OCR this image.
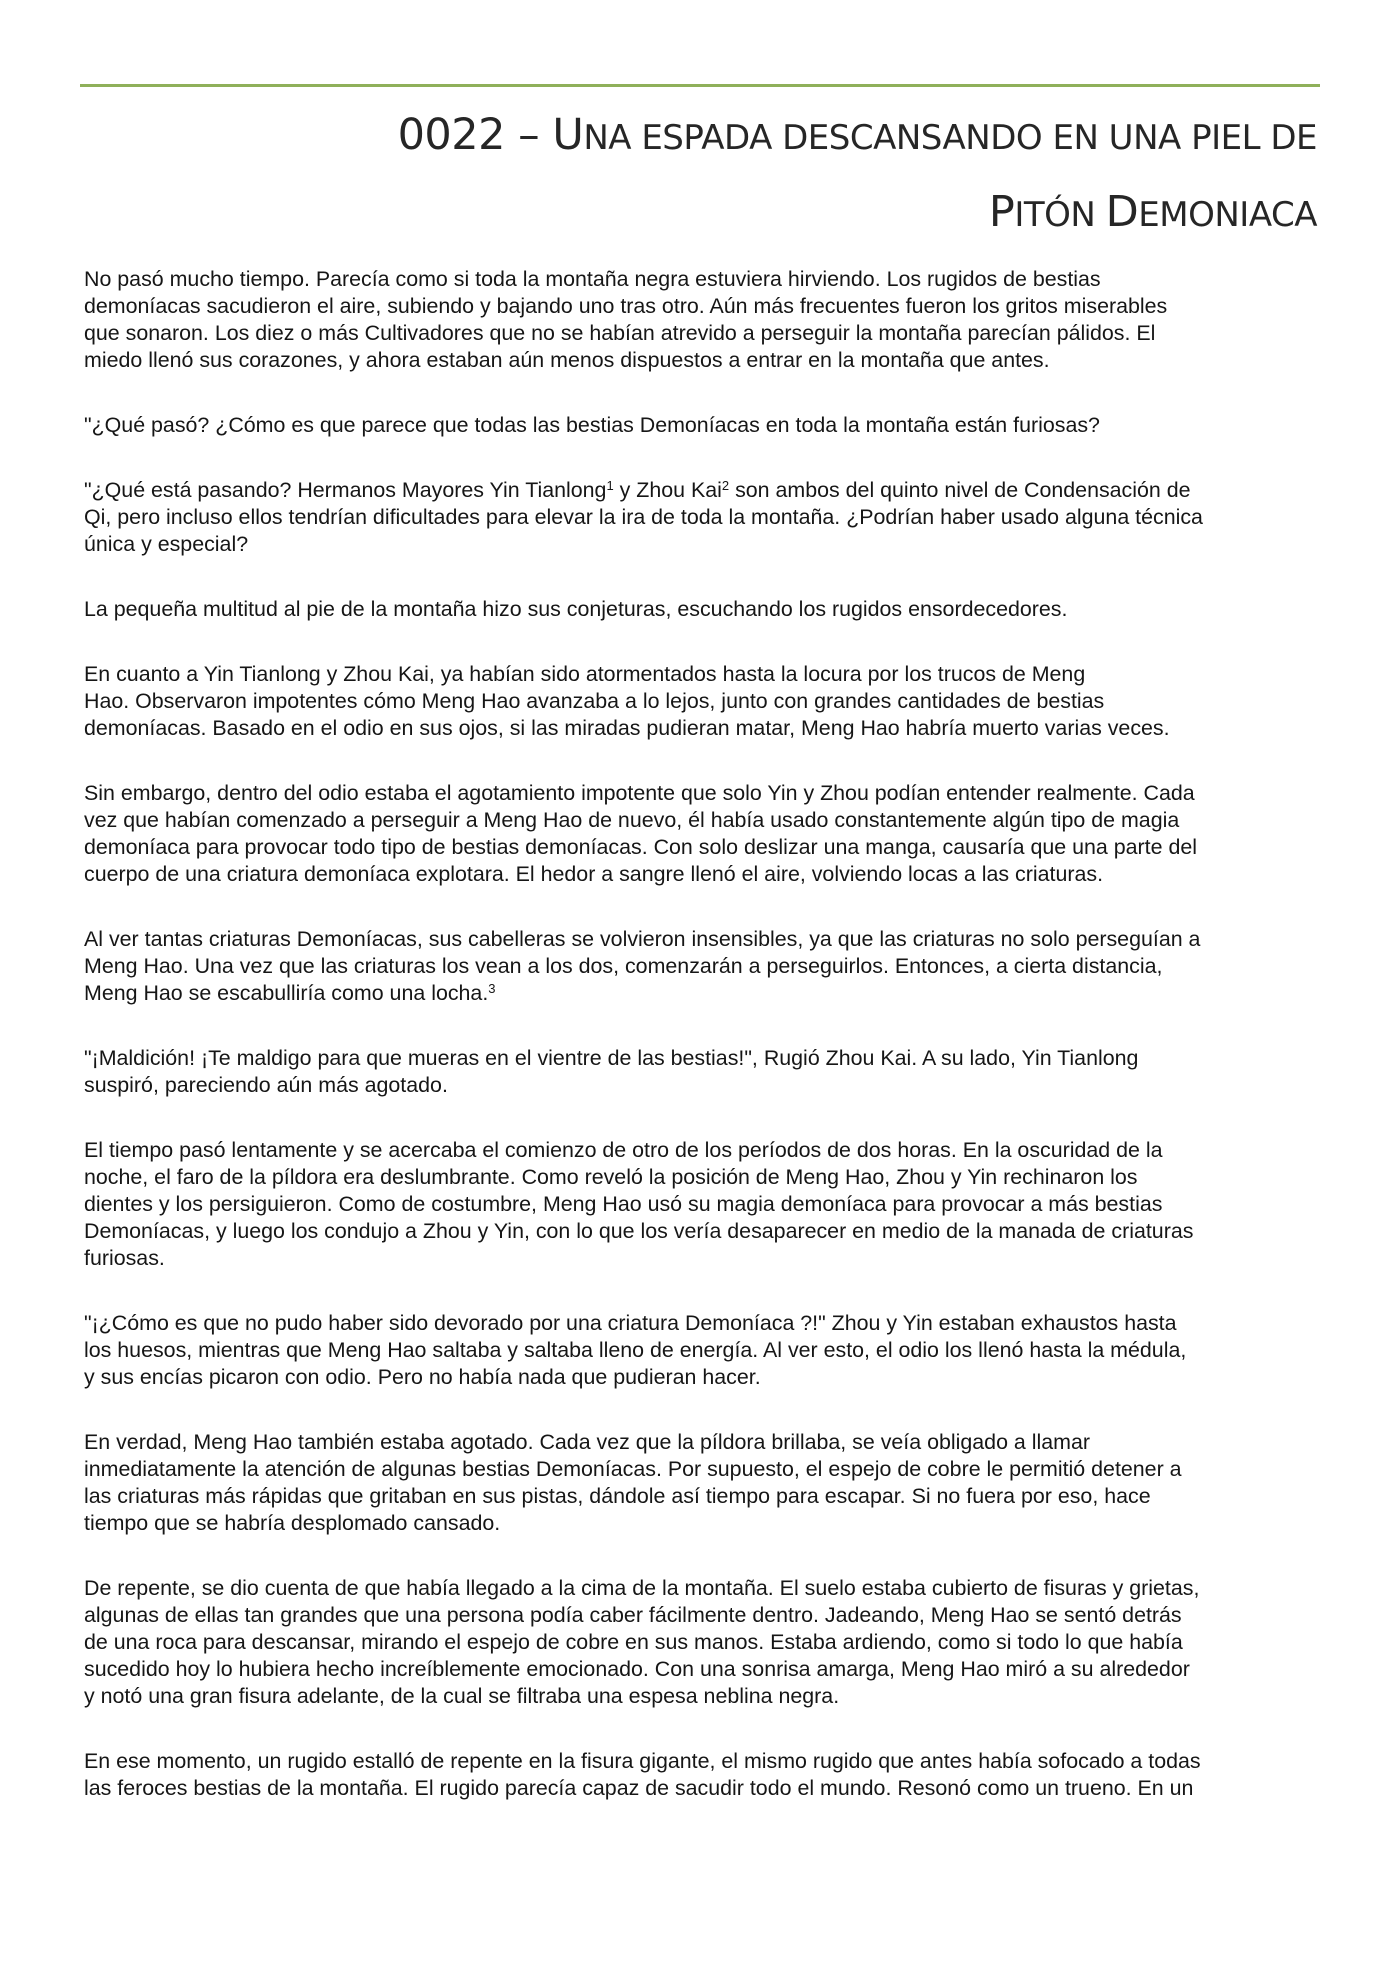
0022 – UNA ESPADA DESCANSANDO EN UNA PIEL DE
PITÓN DEMONIACA

No pasó mucho tiempo. Parecía como si toda la montaña negra estuviera hirviendo. Los rugidos de bestias
demoníacas sacudieron el aire, subiendo y bajando uno tras otro. Aún más frecuentes fueron los gritos miserables
que sonaron. Los diez o más Cultivadores que no se habían atrevido a perseguir la montaña parecían pálidos. El
miedo llenó sus corazones, y ahora estaban aún menos dispuestos a entrar en la montaña que antes.

"¿Qué pasó? ¿Cómo es que parece que todas las bestias Demoníacas en toda la montaña están furiosas?

"¿Qué está pasando? Hermanos Mayores Yin Tianlong$^1$ y Zhou Kai$^2$ son ambos del quinto nivel de Condensación de
Qi, pero incluso ellos tendrían dificultades para elevar la ira de toda la montaña. ¿Podrían haber usado alguna técnica
única y especial?

La pequeña multitud al pie de la montaña hizo sus conjeturas, escuchando los rugidos ensordecedores.

En cuanto a Yin Tianlong y Zhou Kai, ya habían sido atormentados hasta la locura por los trucos de Meng
Hao. Observaron impotentes cómo Meng Hao avanzaba a lo lejos, junto con grandes cantidades de bestias
demoníacas. Basado en el odio en sus ojos, si las miradas pudieran matar, Meng Hao habría muerto varias veces.

Sin embargo, dentro del odio estaba el agotamiento impotente que solo Yin y Zhou podían entender realmente. Cada
vez que habían comenzado a perseguir a Meng Hao de nuevo, él había usado constantemente algún tipo de magia
demoníaca para provocar todo tipo de bestias demoníacas. Con solo deslizar una manga, causaría que una parte del
cuerpo de una criatura demoníaca explotara. El hedor a sangre llenó el aire, volviendo locas a las criaturas.

Al ver tantas criaturas Demoníacas, sus cabelleras se volvieron insensibles, ya que las criaturas no solo perseguían a
Meng Hao. Una vez que las criaturas los vean a los dos, comenzarán a perseguirlos. Entonces, a cierta distancia,
Meng Hao se escabulliría como una locha.$^3$

"¡Maldición! ¡Te maldigo para que mueras en el vientre de las bestias!", Rugió Zhou Kai. A su lado, Yin Tianlong
suspiró, pareciendo aún más agotado.

El tiempo pasó lentamente y se acercaba el comienzo de otro de los períodos de dos horas. En la oscuridad de la
noche, el faro de la píldora era deslumbrante. Como reveló la posición de Meng Hao, Zhou y Yin rechinaron los
dientes y los persiguieron. Como de costumbre, Meng Hao usó su magia demoníaca para provocar a más bestias
Demoníacas, y luego los condujo a Zhou y Yin, con lo que los vería desaparecer en medio de la manada de criaturas
furiosas.

"¡¿Cómo es que no pudo haber sido devorado por una criatura Demoníaca ?!" Zhou y Yin estaban exhaustos hasta
los huesos, mientras que Meng Hao saltaba y saltaba lleno de energía. Al ver esto, el odio los llenó hasta la médula,
y sus encías picaron con odio. Pero no había nada que pudieran hacer.

En verdad, Meng Hao también estaba agotado. Cada vez que la píldora brillaba, se veía obligado a llamar
inmediatamente la atención de algunas bestias Demoníacas. Por supuesto, el espejo de cobre le permitió detener a
las criaturas más rápidas que gritaban en sus pistas, dándole así tiempo para escapar. Si no fuera por eso, hace
tiempo que se habría desplomado cansado.

De repente, se dio cuenta de que había llegado a la cima de la montaña. El suelo estaba cubierto de fisuras y grietas,
algunas de ellas tan grandes que una persona podía caber fácilmente dentro. Jadeando, Meng Hao se sentó detrás
de una roca para descansar, mirando el espejo de cobre en sus manos. Estaba ardiendo, como si todo lo que había
sucedido hoy lo hubiera hecho increíblemente emocionado. Con una sonrisa amarga, Meng Hao miró a su alrededor
y notó una gran fisura adelante, de la cual se filtraba una espesa neblina negra.

En ese momento, un rugido estalló de repente en la fisura gigante, el mismo rugido que antes había sofocado a todas
las feroces bestias de la montaña. El rugido parecía capaz de sacudir todo el mundo. Resonó como un trueno. En un
